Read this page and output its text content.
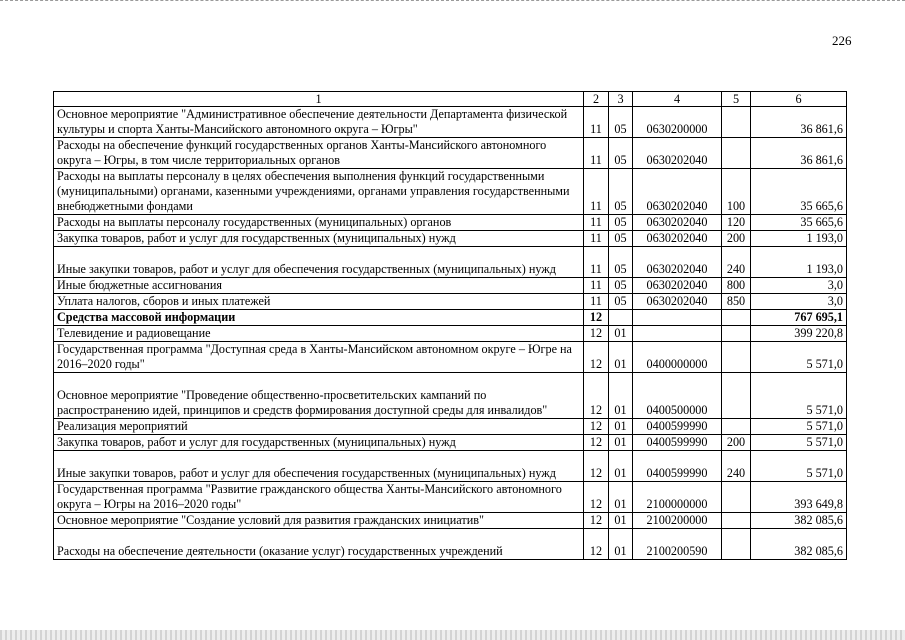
226
1	2	3	4	5	6
Основное мероприятие "Административное обеспечение деятельности Департамента физической культуры и спорта Ханты-Мансийского автономного округа – Югры"	11	05	0630200000		36 861,6
Расходы на обеспечение функций государственных органов Ханты-Мансийского автономного округа – Югры, в том числе территориальных органов	11	05	0630202040		36 861,6
Расходы на выплаты персоналу в целях обеспечения выполнения функций государственными (муниципальными) органами, казенными учреждениями, органами управления государственными внебюджетными фондами	11	05	0630202040	100	35 665,6
Расходы на выплаты персоналу государственных (муниципальных) органов	11	05	0630202040	120	35 665,6
Закупка товаров, работ и услуг для государственных (муниципальных) нужд	11	05	0630202040	200	1 193,0
Иные закупки товаров, работ и услуг для обеспечения государственных (муниципальных) нужд	11	05	0630202040	240	1 193,0
Иные бюджетные ассигнования	11	05	0630202040	800	3,0
Уплата налогов, сборов и иных платежей	11	05	0630202040	850	3,0
Средства массовой информации	12				767 695,1
Телевидение и радиовещание	12	01			399 220,8
Государственная программа "Доступная среда в Ханты-Мансийском автономном округе – Югре на 2016–2020 годы"	12	01	0400000000		5 571,0
Основное мероприятие "Проведение общественно-просветительских кампаний по распространению идей, принципов и средств формирования доступной среды для инвалидов"	12	01	0400500000		5 571,0
Реализация мероприятий	12	01	0400599990		5 571,0
Закупка товаров, работ и услуг для государственных (муниципальных) нужд	12	01	0400599990	200	5 571,0
Иные закупки товаров, работ и услуг для обеспечения государственных (муниципальных) нужд	12	01	0400599990	240	5 571,0
Государственная программа "Развитие гражданского общества Ханты-Мансийского автономного округа – Югры на 2016–2020 годы"	12	01	2100000000		393 649,8
Основное мероприятие "Создание условий для развития гражданских инициатив"	12	01	2100200000		382 085,6
Расходы на обеспечение деятельности (оказание услуг) государственных учреждений	12	01	2100200590		382 085,6
